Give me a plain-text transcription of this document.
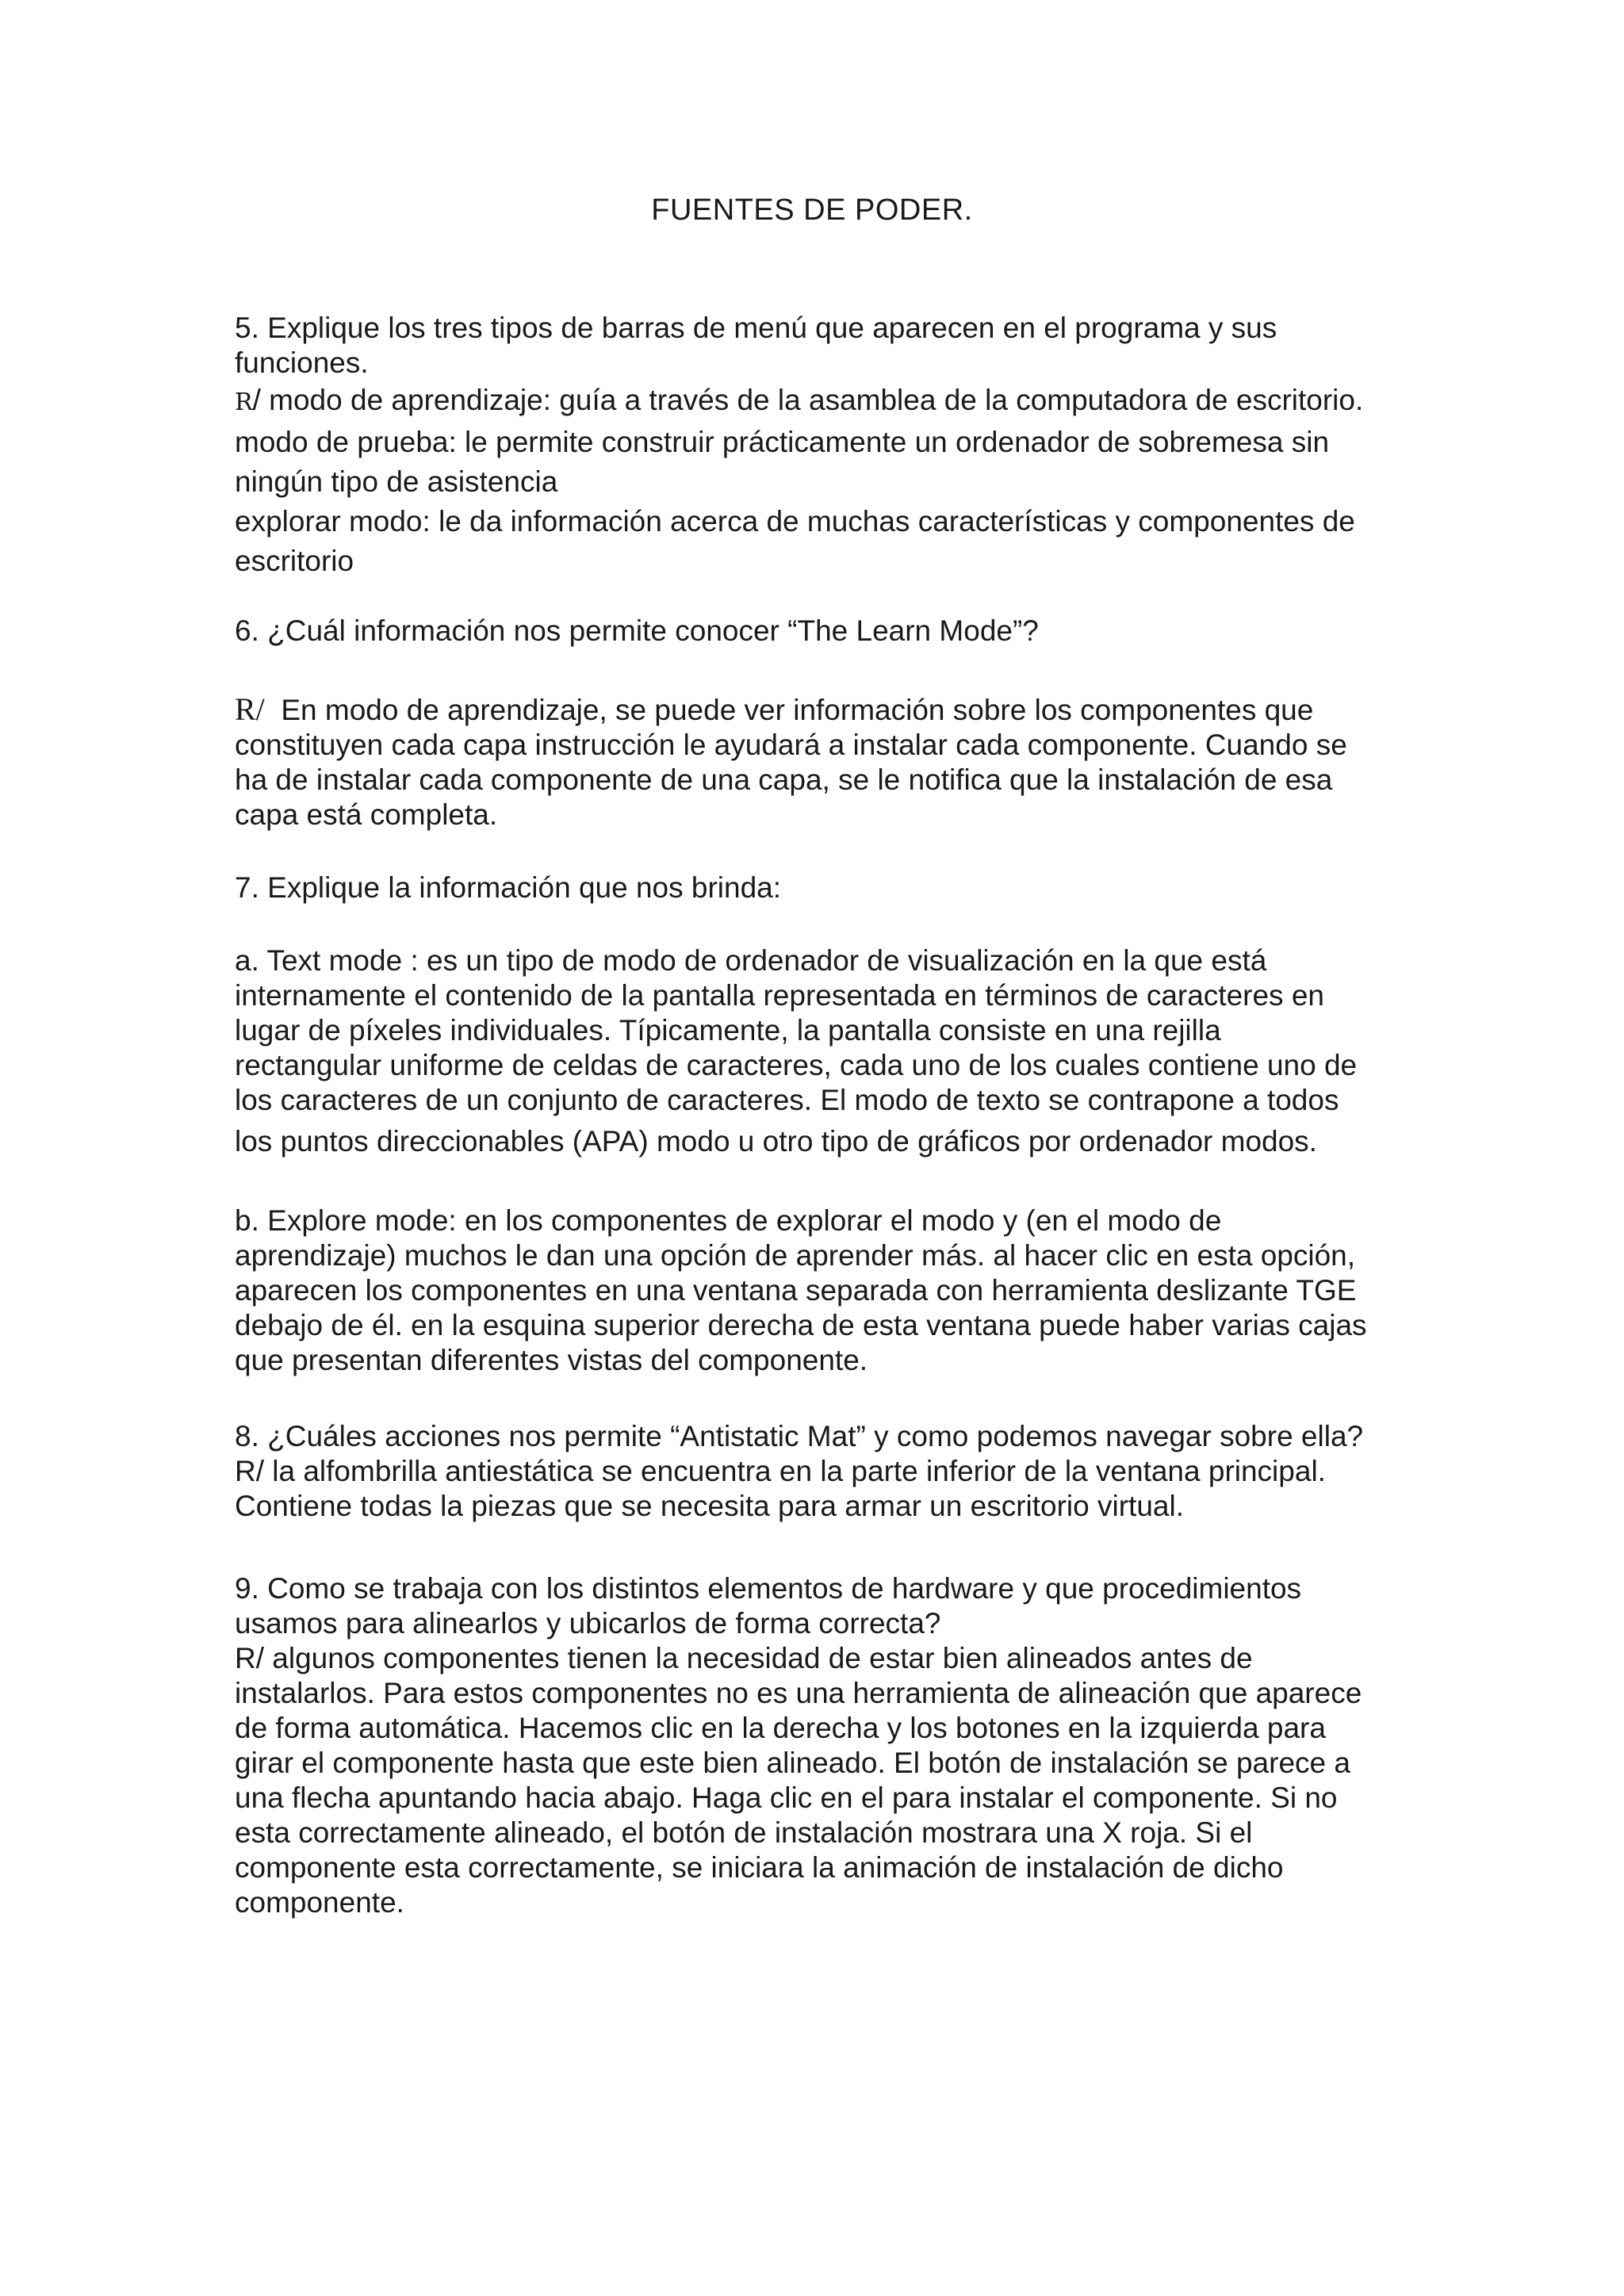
FUENTES DE PODER.

5. Explique los tres tipos de barras de menú que aparecen en el programa y sus

funciones.

R/ modo de aprendizaje: guía a través de la asamblea de la computadora de escritorio.

modo de prueba: le permite construir prácticamente un ordenador de sobremesa sin

ningún tipo de asistencia

explorar modo: le da información acerca de muchas características y componentes de

escritorio

6. ¿Cuál información nos permite conocer “The Learn Mode”?

R/  En modo de aprendizaje, se puede ver información sobre los componentes que

constituyen cada capa instrucción le ayudará a instalar cada componente. Cuando se

ha de instalar cada componente de una capa, se le notifica que la instalación de esa

capa está completa.

7. Explique la información que nos brinda:

a. Text mode : es un tipo de modo de ordenador de visualización en la que está

internamente el contenido de la pantalla representada en términos de caracteres en

lugar de píxeles individuales. Típicamente, la pantalla consiste en una rejilla

rectangular uniforme de celdas de caracteres, cada uno de los cuales contiene uno de

los caracteres de un conjunto de caracteres. El modo de texto se contrapone a todos

los puntos direccionables (APA) modo u otro tipo de gráficos por ordenador modos.

b. Explore mode: en los componentes de explorar el modo y (en el modo de

aprendizaje) muchos le dan una opción de aprender más. al hacer clic en esta opción,

aparecen los componentes en una ventana separada con herramienta deslizante TGE

debajo de él. en la esquina superior derecha de esta ventana puede haber varias cajas

que presentan diferentes vistas del componente.

8. ¿Cuáles acciones nos permite “Antistatic Mat” y como podemos navegar sobre ella?

R/ la alfombrilla antiestática se encuentra en la parte inferior de la ventana principal.

Contiene todas la piezas que se necesita para armar un escritorio virtual.

9. Como se trabaja con los distintos elementos de hardware y que procedimientos

usamos para alinearlos y ubicarlos de forma correcta?

R/ algunos componentes tienen la necesidad de estar bien alineados antes de

instalarlos. Para estos componentes no es una herramienta de alineación que aparece

de forma automática. Hacemos clic en la derecha y los botones en la izquierda para

girar el componente hasta que este bien alineado. El botón de instalación se parece a

una flecha apuntando hacia abajo. Haga clic en el para instalar el componente. Si no

esta correctamente alineado, el botón de instalación mostrara una X roja. Si el

componente esta correctamente, se iniciara la animación de instalación de dicho

componente.
